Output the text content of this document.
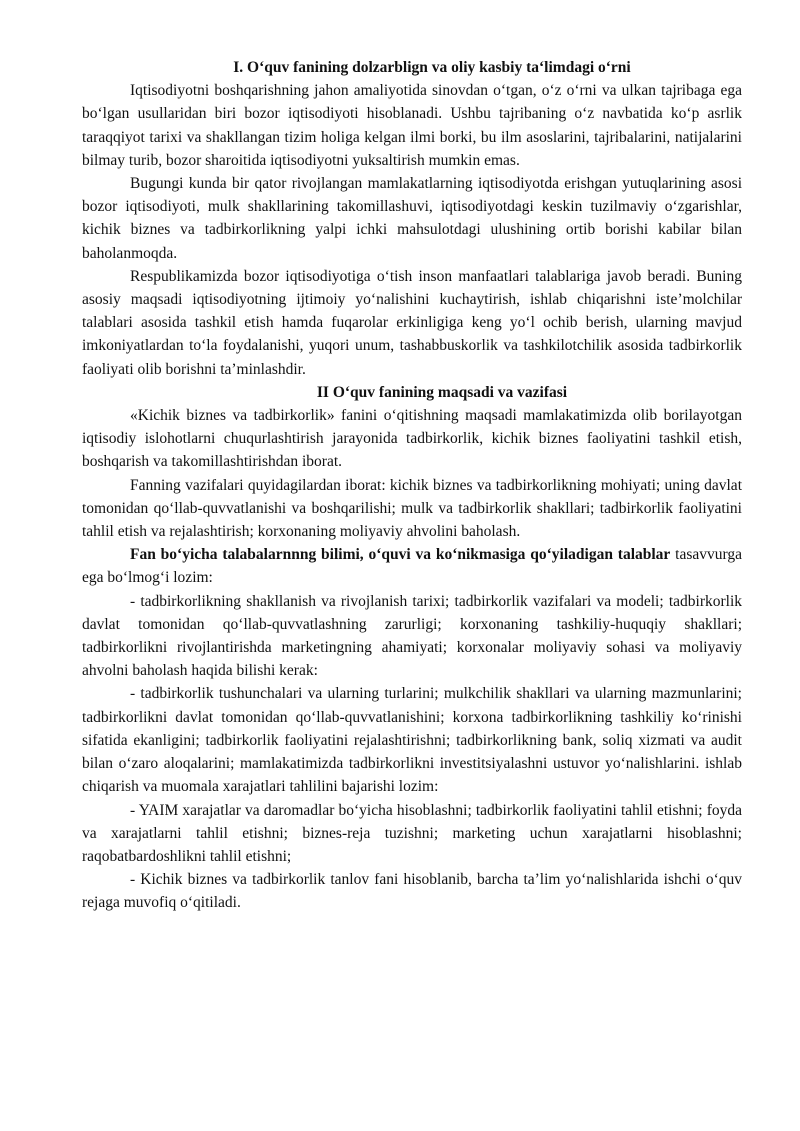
I. O‘quv fanining dolzarblign va oliy kasbiy ta‘limdagi o‘rni

Iqtisodiyotni boshqarishning jahon amaliyotida sinovdan o‘tgan, o‘z o‘rni va ulkan tajribaga ega bo‘lgan usullaridan biri bozor iqtisodiyoti hisoblanadi. Ushbu tajribaning o‘z navbatida ko‘p asrlik taraqqiyot tarixi va shakllangan tizim holiga kelgan ilmi borki, bu ilm asoslarini, tajribalarini, natijalarini bilmay turib, bozor sharoitida iqtisodiyotni yuksaltirish mumkin emas.

Bugungi kunda bir qator rivojlangan mamlakatlarning iqtisodiyotda erishgan yutuqlarining asosi bozor iqtisodiyoti, mulk shakllarining takomillashuvi, iqtisodiyotdagi keskin tuzilmaviy o‘zgarishlar, kichik biznes va tadbirkorlikning yalpi ichki mahsulotdagi ulushining ortib borishi kabilar bilan baholanmoqda.

Respublikamizda bozor iqtisodiyotiga o‘tish inson manfaatlari talablariga javob beradi. Buning asosiy maqsadi iqtisodiyotning ijtimoiy yo‘nalishini kuchaytirish, ishlab chiqarishni iste’molchilar talablari asosida tashkil etish hamda fuqarolar erkinligiga keng yo‘l ochib berish, ularning mavjud imkoniyatlardan to‘la foydalanishi, yuqori unum, tashabbuskorlik va tashkilotchilik asosida tadbirkorlik faoliyati olib borishni ta’minlashdir.

II O‘quv fanining maqsadi va vazifasi

«Kichik biznes va tadbirkorlik» fanini o‘qitishning maqsadi mamlakatimizda olib borilayotgan iqtisodiy islohotlarni chuqurlashtirish jarayonida tadbirkorlik, kichik biznes faoliyatini tashkil etish, boshqarish va takomillashtirishdan iborat.

Fanning vazifalari quyidagilardan iborat: kichik biznes va tadbirkorlikning mohiyati; uning davlat tomonidan qo‘llab-quvvatlanishi va boshqarilishi; mulk va tadbirkorlik shakllari; tadbirkorlik faoliyatini tahlil etish va rejalashtirish; korxonaning moliyaviy ahvolini baholash.

Fan bo‘yicha talabalarnnng bilimi, o‘quvi va ko‘nikmasiga qo‘yiladigan talablar tasavvurga ega bo‘lmog‘i lozim:

- tadbirkorlikning shakllanish va rivojlanish tarixi; tadbirkorlik vazifalari va modeli; tadbirkorlik davlat tomonidan qo‘llab-quvvatlashning zarurligi; korxonaning tashkiliy-huquqiy shakllari; tadbirkorlikni rivojlantirishda marketingning ahamiyati; korxonalar moliyaviy sohasi va moliyaviy ahvolni baholash haqida bilishi kerak:

- tadbirkorlik tushunchalari va ularning turlarini; mulkchilik shakllari va ularning mazmunlarini; tadbirkorlikni davlat tomonidan qo‘llab-quvvatlanishini; korxona tadbirkorlikning tashkiliy ko‘rinishi sifatida ekanligini; tadbirkorlik faoliyatini rejalashtirishni; tadbirkorlikning bank, soliq xizmati va audit bilan o‘zaro aloqalarini; mamlakatimizda tadbirkorlikni investitsiyalashni ustuvor yo‘nalishlarini. ishlab chiqarish va muomala xarajatlari tahlilini bajarishi lozim:

- YAIM xarajatlar va daromadlar bo‘yicha hisoblashni; tadbirkorlik faoliyatini tahlil etishni; foyda va xarajatlarni tahlil etishni; biznes-reja tuzishni; marketing uchun xarajatlarni hisoblashni; raqobatbardoshlikni tahlil etishni;

- Kichik biznes va tadbirkorlik tanlov fani hisoblanib, barcha ta’lim yo‘nalishlarida ishchi o‘quv rejaga muvofiq o‘qitiladi.
